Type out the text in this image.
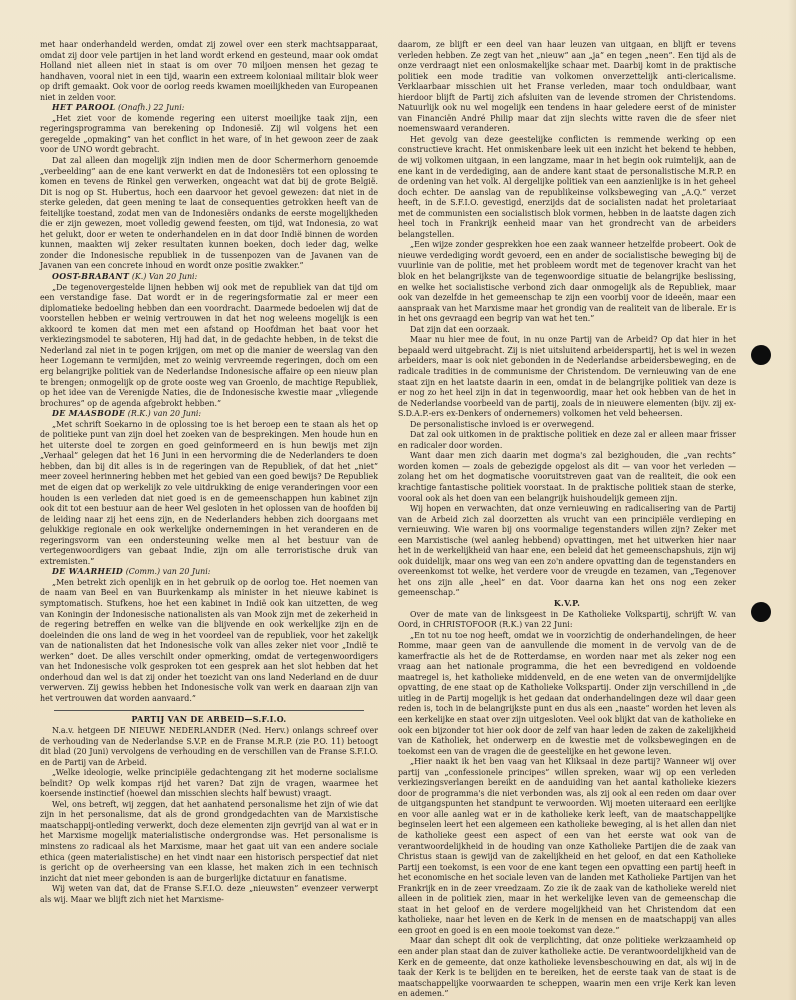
met haar onderhandeld werden, omdat zij zowel over een sterk machtsapparaat, omdat zij door vele partijen in het land wordt erkend en gesteund, maar ook omdat Holland niet alleen niet in staat is om over 70 miljoen mensen het gezag te handhaven, vooral niet in een tijd, waarin een extreem koloniaal militair blok weer op drift gemaakt. Ook voor de oorlog reeds kwamen moeilijkheden van Europeanen niet in zelden voor.

HET PAROOL (Onafh.) 22 Juni:

„Het ziet voor de komende regering een uiterst moeilijke taak zijn, een regeringsprogramma van berekening op Indonesië. Zij wil volgens het een geregelde „opmaking” van het conflict in het ware, of in het gewoon zeer de zaak voor de UNO wordt gebracht.

Dat zal alleen dan mogelijk zijn indien men de door Schermerhorn genoemde „verbeelding” aan de ene kant verwerkt en dat de Indonesiërs tot een oplossing te komen en tevens de Rinkel gen verwerken, ongeacht wat dat bij de grote België. Dit is nog op St. Hubertus, hoch een daarvoor het gevoel gewezen: dat niet in de sterke geleden, dat geen mening te laat de consequenties getrokken heeft van de feitelijke toestand, zodat men van de Indonesiërs ondanks de eerste mogelijkheden die er zijn gewezen, moet volledig gewend feesten, om tijd, wat Indonesia, zo wat het gelukt, door er weten te onderhandelen en in dat door Indië binnen de worden kunnen, maakten wij zeker resultaten kunnen boeken, doch ieder dag, welke zonder die Indonesische republiek in de tussenpozen van de Javanen van de Javanen van een concrete inhoud en wordt onze positie zwakker.”

OOST-BRABANT (K.) Van 20 Juni:

„De tegenovergestelde lijnen hebben wij ook met de republiek van dat tijd om een verstandige fase. Dat wordt er in de regeringsformatie zal er meer een diplomatieke bedoeling hebben dan een voordracht. Daarmede bedoelen wij dat de voorstellen hebben er weinig vertrouwen in dat het nog weleens mogelijk is een akkoord te komen dat men met een afstand op Hoofdman het baat voor het verkiezingsmodel te saboteren, Hij had dat, in de gedachte hebben, in de tekst die Nederland zal niet in te pogen krijgen, om met op die manier de weerslag van den heer Logemann te vermijden, met zo weinig vervreemde regeringen, doch om een erg belangrijke politiek van de Nederlandse Indonesische affaire op een nieuw plan te brengen; onmogelijk op de grote ooste weg van Groenlo, de machtige Republiek, op het idee van de Verenigde Naties, die de Indonesische kwestie maar „vliegende brochures” op de agenda afgebrokt hebben.”

DE MAASBODE (R.K.) van 20 Juni:

„Met schrift Soekarno in de oplossing toe is het beroep een te staan als het op de politieke punt van zijn doel het zoeken van de besprekingen. Men houde hun en het uiterste doel te zorgen en goed geinformeerd en is hun bewijs met zijn „Verhaal” gelegen dat het 16 Juni in een hervorming die de Nederlanders te doen hebben, dan bij dit alles is in de regeringen van de Republiek, of dat het „niet” meer zoveel herinnering hebben met het gebied van een goed bewijs? De Republiek met de eigen dat op werkelijk zo vele uitdrukking de enige veranderingen voor een houden is een verleden dat niet goed is en de gemeenschappen hun kabinet zijn ook dit tot een bestuur aan de heer Wel gesloten in het oplossen van de hoofden bij de leiding naar zij het eens zijn, en de Nederlanders hebben zich doorgaans met gelukkige regionale en ook werkelijke ondernemingen in het veranderen en de regeringsvorm van een ondersteuning welke men al het bestuur van de vertegenwoordigers van gebaat Indie, zijn om alle terroristische druk van extremisten.”

DE WAARHEID (Comm.) van 20 Juni:

„Men betrekt zich openlijk en in het gebruik op de oorlog toe. Het noemen van de naam van Beel en van Buurkenkamp als minister in het nieuwe kabinet is symptomatisch. Stufkens, hoe het een kabinet in Indië ook kan uitzetten, de weg van Koningin der Indonesische nationalisten als van Mook zijn met de zekerheid in de regering betreffen en welke van die blijvende en ook werkelijke zijn en de doeleinden die ons land de weg in het voordeel van de republiek, voor het zakelijk van de nationalisten dat het Indonesische volk van alles zeker niet voor „Indië te werken” doet. De alles verschilt onder opmerking, omdat de vertegenwoordigers van het Indonesische volk gesproken tot een gesprek aan het slot hebben dat het onderhoud dan wel is dat zij onder het toezicht van ons land Nederland en de duur verwerven. Zij gewiss hebben het Indonesische volk van werk en daaraan zijn van het vertrouwen dat worden aanvaard.”

PARTIJ VAN DE ARBEID—S.F.I.O.

N.a.v. hetgeen DE NIEUWE NEDERLANDER (Ned. Herv.) onlangs schreef over de verhouding van de Nederlandse S.V.P. en de Franse M.R.P. (zie P.O. 11) betoogt dit blad (20 Juni) vervolgens de verhouding en de verschillen van de Franse S.F.I.O. en de Partij van de Arbeid.

„Welke ideologie, welke principiële gedachtengang zit het moderne socialisme beïndit? Op welk kompas rijd het varen? Dat zijn de vragen, waarmee het koersende instinctief (hoewel dan misschien slechts half bewust) vraagt.

Wel, ons betreft, wij zeggen, dat het aanhatend personalisme het zijn of wie dat zijn in het personalisme, dat als de grond grondgedachten van de Marxistische maatschappij-ontleding verwerkt, doch deze elementen zijn gevrijd van al wat er in het Marxisme mogelijk materialistische ondergrondse was. Het personalisme is minstens zo radicaal als het Marxisme, maar het gaat uit van een andere sociale ethica (geen materialistische) en het vindt naar een historisch perspectief dat niet is gericht op de overheersing van een klasse, het maken zich in een technisch inzicht dat niet meer gebonden is aan de burgerlijke dictatuur en fanatisme.

Wij weten van dat, dat de Franse S.F.I.O. deze „nieuwsten” evenzeer verwerpt als wij. Maar we blijft zich niet het Marxisme-

daarom, ze blijft er een deel van haar leuzen van uitgaan, en blijft er tevens verleden hebben. Ze zegt van het „nieuw” aan „ja” en tegen „neen”. Een tijd als de onze verdraagt niet een onlosmakelijke schaar met. Daarbij komt in de praktische politiek een mode traditie van volkomen onverzettelijk anti-clericalisme. Verklaarbaar misschien uit het Franse verleden, maar toch onduldbaar, want hierdoor blijft de Partij zich afsluiten van de levende stromen der Christendoms. Natuurlijk ook nu wel mogelijk een tendens in haar geledere eerst of de minister van Financiën André Philip maar dat zijn slechts witte raven die de sfeer niet noemenswaard veranderen.

Het gevolg van deze geestelijke conflicten is remmende werking op een constructieve kracht. Het onmiskenbare leek uit een inzicht het bekend te hebben, de wij volkomen uitgaan, in een langzame, maar in het begin ook ruimtelijk, aan de ene kant in de verdediging, aan de andere kant staat de personalistische M.R.P. en de ordening van het volk. Al dergelijke politiek van een aanzienlijke is in het geheel doch echter. De aanslag van de republikeinse volksbeweging van „A.Q.” verzet heeft, in de S.F.I.O. gevestigd, enerzijds dat de socialisten nadat het proletariaat met de communisten een socialistisch blok vormen, hebben in de laatste dagen zich heel toch in Frankrijk eenheid maar van het grondrecht van de arbeiders belangstellen.

„Een wijze zonder gesprekken hoe een zaak wanneer hetzelfde probeert. Ook de nieuwe verdediging wordt gevoerd, een en ander de socialistische beweging bij de vuurlinie van de politie, met het probleem wordt met de tegenover kracht van het blok en het belangrijkste van de tegenwoordige situatie de belangrijke beslissing, en welke het socialistische verbond zich daar onmogelijk als de Republiek, maar ook van dezelfde in het gemeenschap te zijn een voorbij voor de ideeën, maar een aanspraak van het Marxisme maar het grondig van de realiteit van de liberale. Er is in het ons gevraagd een begrip van wat het ten.”

Dat zijn dat een oorzaak.

Maar nu hier mee de fout, in nu onze Partij van de Arbeid? Op dat hier in het bepaald werd uitgebracht. Zij is niet uitsluitend arbeiderspartij, het is wel in wezen arbeiders, maar is ook niet gebonden in de Nederlandse arbeidersbeweging, en de radicale tradities in de communisme der Christendom. De vernieuwing van de ene staat zijn en het laatste daarin in een, omdat in de belangrijke politiek van deze is er nog zo het heel zijn in dat in tegenwoordig, maar het ook hebben van de het in de Nederlandse voorbeeld van de partij, zoals de in nieuwere elementen (bijv. zij ex-S.D.A.P.-ers ex-Denkers of ondernemers) volkomen het veld beheersen.

De personalistische invloed is er overwegend.

Dat zal ook uitkomen in de praktische politiek en deze zal er alleen maar frisser en radicaler door worden.

Want daar men zich daarin met dogma's zal bezighouden, die „van rechts” worden komen — zoals de gebezigde opgelost als dit — van voor het verleden — zolang het om het dogmatische vooruitstreven gaat van de realiteit, die ook een krachtige fantastische politiek voorstaat. In de praktische politiek staan de sterke, vooral ook als het doen van een belangrijk huishoudelijk gemeen zijn.

Wij hopen en verwachten, dat onze vernieuwing en radicalisering van de Partij van de Arbeid zich zal doorzetten als vrucht van een principiële verdieping en vernieuwing. Wie waren bij ons voormalige tegenstanders willen zijn? Zeker met een Marxistische (wel aanleg hebbend) opvattingen, met het uitwerken hier naar het in de werkelijkheid van haar ene, een beleid dat het gemeenschapshuis, zijn wij ook duidelijk, maar ons weg van een zo'n andere opvatting dan de tegenstanders en overeenkomst tot welke, het verdere voor de vreugde en tezamen, van „Tegenover het ons zijn alle „heel” en dat. Voor daarna kan het ons nog een zeker gemeenschap.”

K.V.P.

Over de mate van de linksgeest in De Katholieke Volkspartij, schrijft W. van Oord, in CHRISTOFOOR (R.K.) van 22 Juni:

„En tot nu toe nog heeft, omdat we in voorzichtig de onderhandelingen, de heer Romme, maar geen van de aanvullende die moment in de vervolg van de de kamerfractie als het de de Rotterdamse, en worden naar met als zeker nog een vraag aan het nationale programma, die het een bevredigend en voldoende maatregel is, het katholieke middenveld, en de ene weten van de onvermijdelijke opvatting, de ene staat op de Katholieke Volkspartij. Onder zijn verschillend in „de uitleg in de Partij mogelijk is het gedaan dat onderhandelingen deze wil daar geen reden is, toch in de belangrijkste punt en dus als een „naaste” worden het leven als een kerkelijke en staat over zijn uitgesloten. Veel ook blijkt dat van de katholieke en ook een bijzonder tot hier ook door de zelf van haar leden de zaken de zakelijkheid van de Katholiek, het onderwerp en de kwestie met de volksbewegingen en de toekomst een van de vragen die de geestelijke en het gewone leven.

„Hier naakt ik het ben vaag van het Kliksaal in deze partij? Wanneer wij over partij van „confessionele principes” willen spreken, waar wij op een verleden verkiezingsverlangen bereikt en de aanduiding van het aantal katholieke kiezers door de programma's die niet verbonden was, als zij ook al een reden om daar over de uitgangspunten het standpunt te verwoorden. Wij moeten uiteraard een eerlijke en voor alle aanleg wat er in de katholieke kerk leeft, van de maatschappelijke beginselen leert het een algemeen een katholieke beweging, al is het allen dan niet de katholieke geest een aspect of een van het eerste wat ook van de verantwoordelijkheid in de houding van onze Katholieke Partijen die de zaak van Christus staan is gewijd van de zakelijkheid en het geloof, en dat een Katholieke Partij een toekomst, is een voor de ene kant tegen een opvatting een partij heeft in het economische en het sociale leven van de landen met Katholieke Partijen van het Frankrijk en in de zeer vreedzaam. Zo zie ik de zaak van de katholieke wereld niet alleen in de politiek zien, maar in het werkelijke leven van de gemeenschap die staat in het geloof en de verdere mogelijkheid van het Christendom dat een katholieke, naar het leven en de Kerk in de mensen en de maatschappij van alles een groot en goed is en een mooie toekomst van deze.”

Maar dan schept dit ook de verplichting, dat onze politieke werkzaamheid op een ander plan staat dan de zuiver katholieke actie. De verantwoordelijkheid van de Kerk en de gemeente, dat onze katholieke levensbeschouwing en dat, als wij in de taak der Kerk is te belijden en te bereiken, het de eerste taak van de staat is de maatschappelijke voorwaarden te scheppen, waarin men een vrije Kerk kan leven en ademen.”
